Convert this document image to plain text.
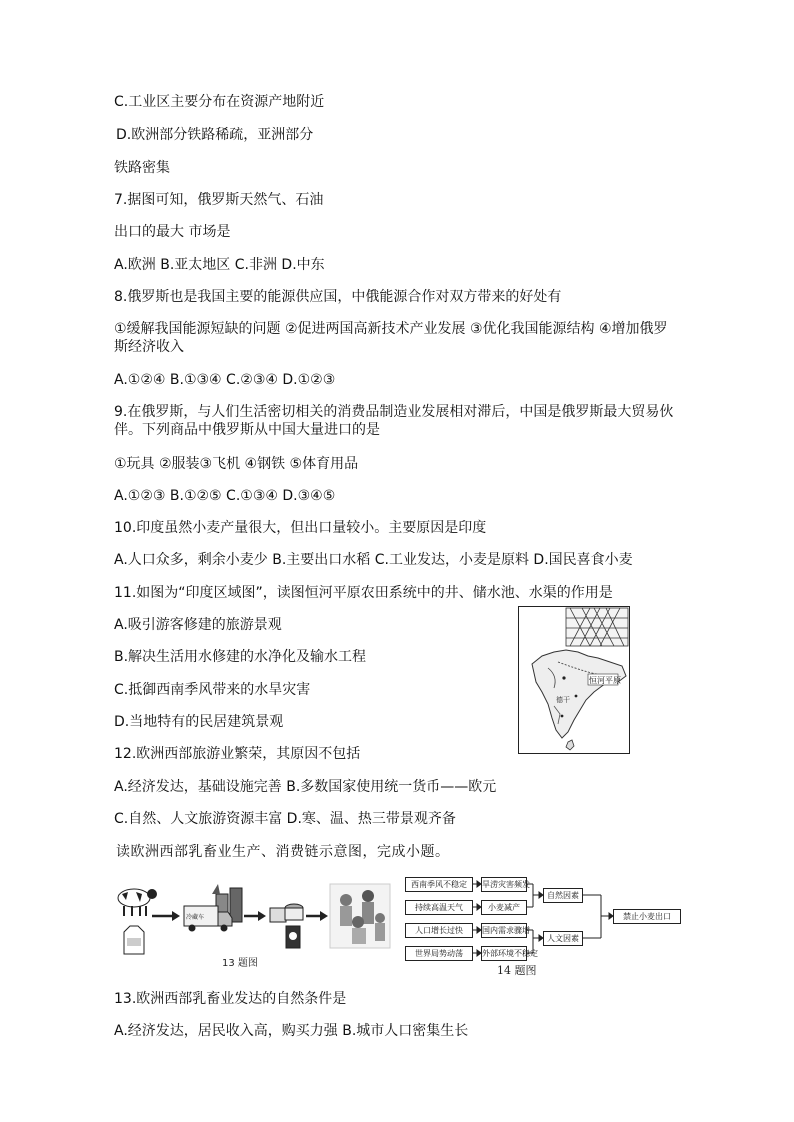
C.工业区主要分布在资源产地附近
D.欧洲部分铁路稀疏，亚洲部分
铁路密集
7.据图可知，俄罗斯天然气、石油
出口的最大 市场是
A.欧洲 B.亚太地区 C.非洲 D.中东
8.俄罗斯也是我国主要的能源供应国，中俄能源合作对双方带来的好处有
①缓解我国能源短缺的问题 ②促进两国高新技术产业发展 ③优化我国能源结构 ④增加俄罗斯经济收入
A.①②④ B.①③④ C.②③④ D.①②③
9.在俄罗斯，与人们生活密切相关的消费品制造业发展相对滞后，中国是俄罗斯最大贸易伙伴。下列商品中俄罗斯从中国大量进口的是
①玩具 ②服装③飞机 ④钢铁 ⑤体育用品
A.①②③ B.①②⑤ C.①③④ D.③④⑤
10.印度虽然小麦产量很大，但出口量较小。主要原因是印度
A.人口众多，剩余小麦少 B.主要出口水稻 C.工业发达，小麦是原料 D.国民喜食小麦
11.如图为“印度区域图”，读图恒河平原农田系统中的井、储水池、水渠的作用是
A.吸引游客修建的旅游景观
B.解决生活用水修建的水净化及输水工程
C.抵御西南季风带来的水旱灾害
D.当地特有的民居建筑景观
12.欧洲西部旅游业繁荣，其原因不包括
A.经济发达，基础设施完善 B.多数国家使用统一货币——欧元
C.自然、人文旅游资源丰富 D.寒、温、热三带景观齐备
读欧洲西部乳畜业生产、消费链示意图，完成小题。
13.欧洲西部乳畜业发达的自然条件是
A.经济发达，居民收入高，购买力强 B.城市人口密集生长
恒河平原
德干
冷藏车
13 题图
西南季风不稳定
持续高温天气
人口增长过快
世界局势动荡
旱涝灾害频发
小麦减产
国内需求骤增
外部环境不稳定
自然因素
人文因素
禁止小麦出口
14 题图
